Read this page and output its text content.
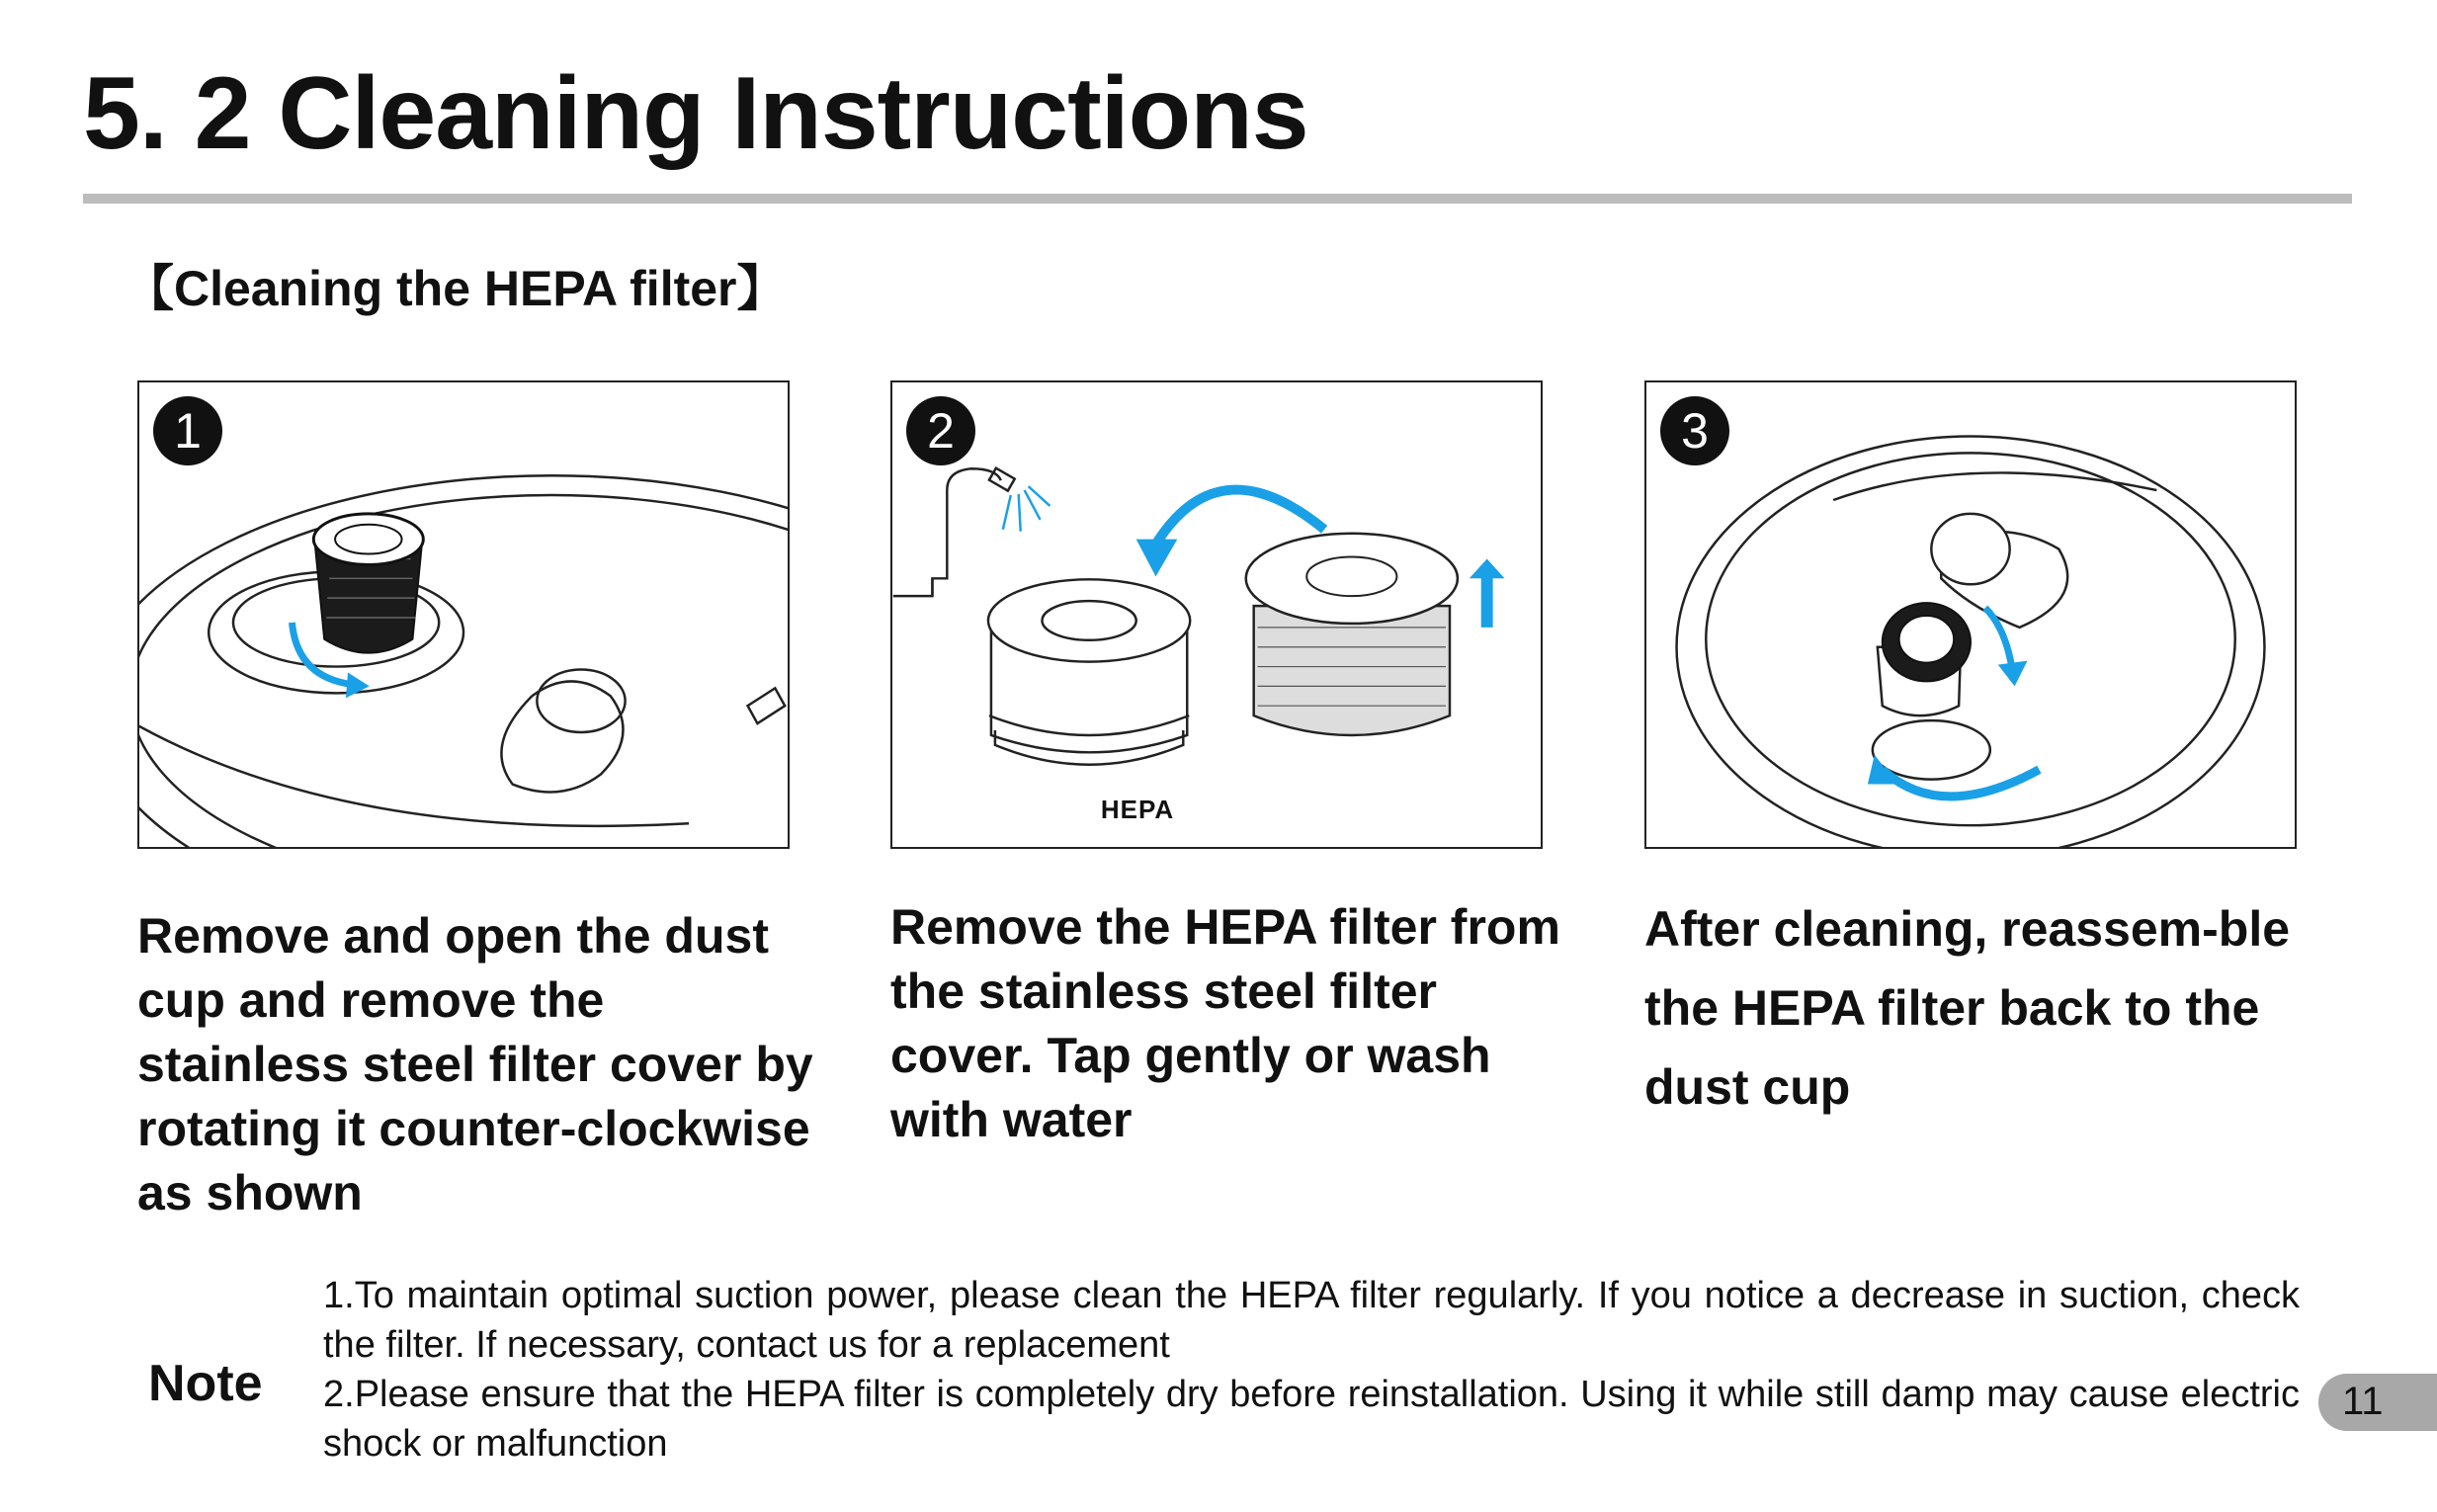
5. 2 Cleaning Instructions
【Cleaning the HEPA filter】
1	2
HEPA
3

Remove and open the dust cup and remove the stainless steel filter cover by rotating it counter-clockwise as shown

Remove the HEPA filter from the stainless steel filter cover. Tap gently or wash with water

After cleaning, reassem-ble the HEPA filter back to the dust cup

Note
1.To maintain optimal suction power, please clean the HEPA filter regularly. If you notice a decrease in suction, check the filter. If necessary, contact us for a replacement
2.Please ensure that the HEPA filter is completely dry before reinstallation. Using it while still damp may cause electric shock or malfunction
11
